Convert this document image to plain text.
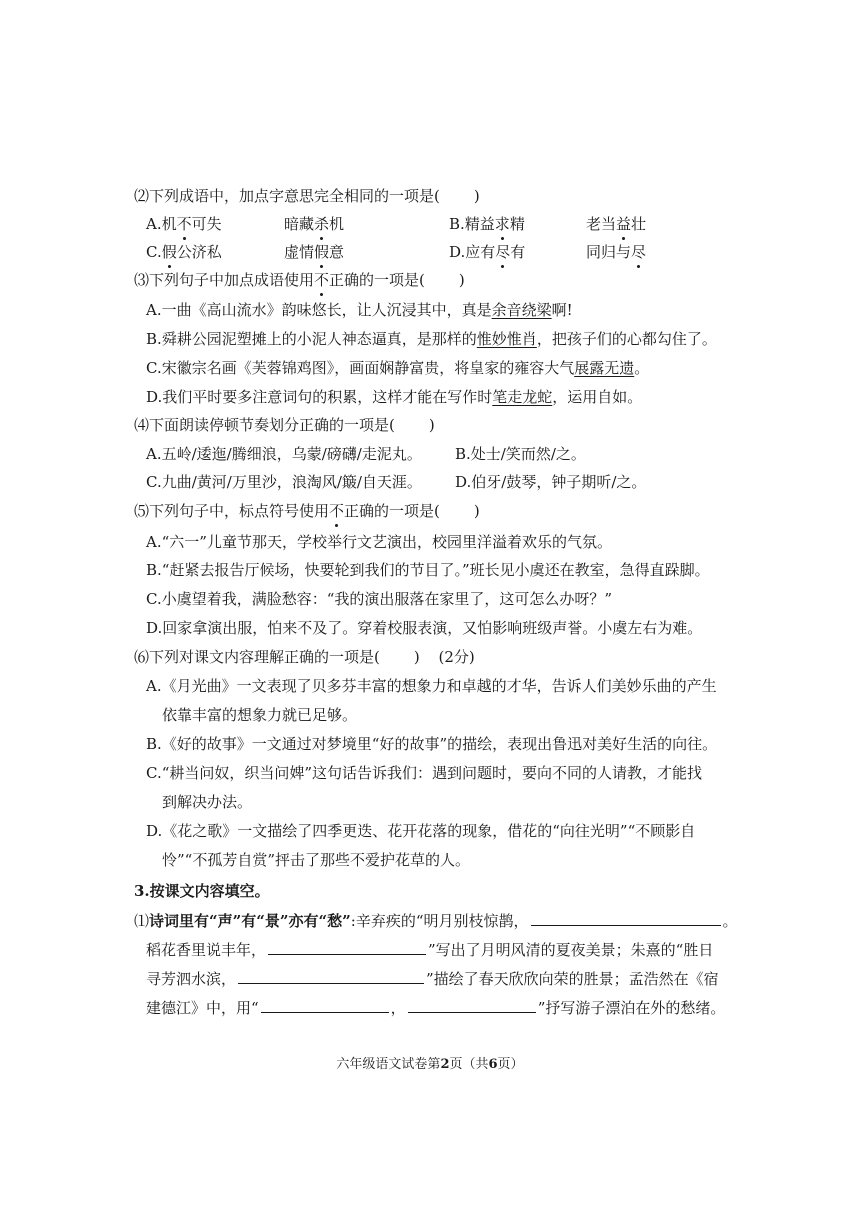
⑵下列成语中，加点字意思完全相同的一项是( )
A.机不可失	暗藏杀机	B.精益求精	老当益壮
C.假公济私	虚情假意	D.应有尽有	同归与尽
⑶下列句子中加点成语使用不正确的一项是( )
A.一曲《高山流水》韵味悠长，让人沉浸其中，真是余音绕梁啊!
B.舜耕公园泥塑摊上的小泥人神态逼真，是那样的惟妙惟肖，把孩子们的心都勾住了。
C.宋徽宗名画《芙蓉锦鸡图》，画面娴静富贵，将皇家的雍容大气展露无遗。
D.我们平时要多注意词句的积累，这样才能在写作时笔走龙蛇，运用自如。
⑷下面朗读停顿节奏划分正确的一项是( )
A.五岭/逶迤/腾细浪，乌蒙/磅礴/走泥丸。 B.处士/笑而然/之。
C.九曲/黄河/万里沙，浪淘风/簸/自天涯。 D.伯牙/鼓琴，钟子期听/之。
⑸下列句子中，标点符号使用不正确的一项是( )
A.“六一”儿童节那天，学校举行文艺演出，校园里洋溢着欢乐的气氛。
B.“赶紧去报告厅候场，快要轮到我们的节目了。”班长见小虞还在教室，急得直跺脚。
C.小虞望着我，满脸愁容：“我的演出服落在家里了，这可怎么办呀？”
D.回家拿演出服，怕来不及了。穿着校服表演，又怕影响班级声誉。小虞左右为难。
⑹下列对课文内容理解正确的一项是( ) (2分)
A.《月光曲》一文表现了贝多芬丰富的想象力和卓越的才华，告诉人们美妙乐曲的产生
依靠丰富的想象力就已足够。
B.《好的故事》一文通过对梦境里“好的故事”的描绘，表现出鲁迅对美好生活的向往。
C.“耕当问奴，织当问婢”这句话告诉我们：遇到问题时，要向不同的人请教，才能找
到解决办法。
D.《花之歌》一文描绘了四季更迭、花开花落的现象，借花的“向往光明”“不顾影自
怜”“不孤芳自赏”抨击了那些不爱护花草的人。
3.按课文内容填空。
⑴诗词里有“声”有“景”亦有“愁”:辛弃疾的“明月别枝惊鹊，	。
稻花香里说丰年，	”写出了月明风清的夏夜美景；朱熹的“胜日
寻芳泗水滨，	”描绘了春天欣欣向荣的胜景；孟浩然在《宿
建德江》中，用“	，	”抒写游子漂泊在外的愁绪。
六年级语文试卷第2页（共6页）
